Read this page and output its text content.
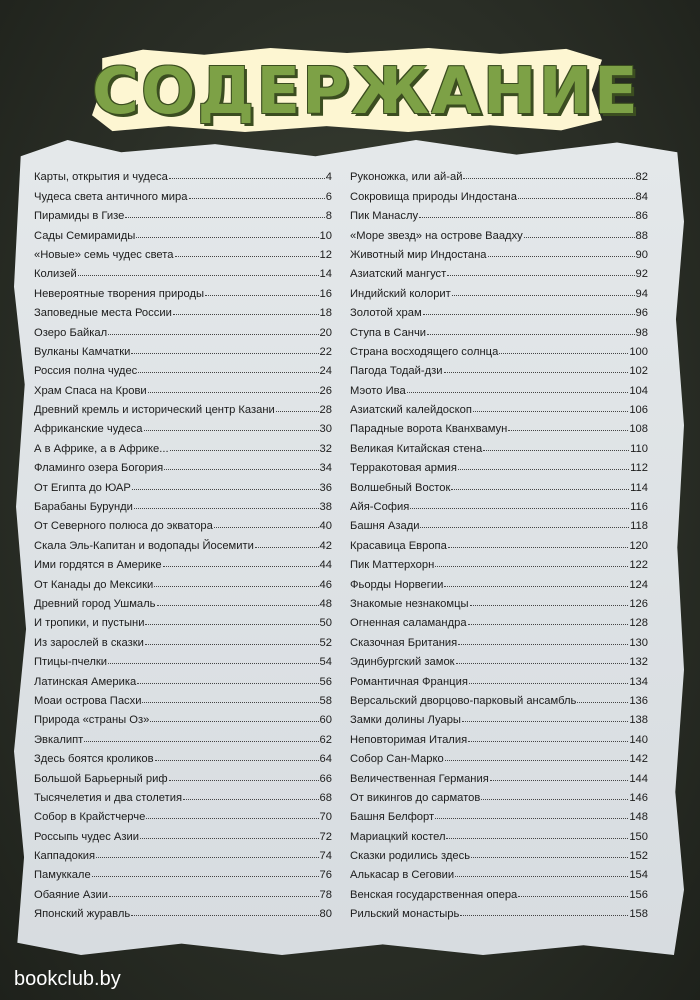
СОДЕРЖАНИЕ
Карты, открытия и чудеса	4
Чудеса света античного мира	6
Пирамиды в Гизе	8
Сады Семирамиды	10
«Новые» семь чудес света	12
Колизей	14
Невероятные творения природы	16
Заповедные места России	18
Озеро Байкал	20
Вулканы Камчатки	22
Россия полна чудес	24
Храм Спаса на Крови	26
Древний кремль и исторический центр Казани	28
Африканские чудеса	30
А в Африке, а в Африке...	32
Фламинго озера Богория	34
От Египта до ЮАР	36
Барабаны Бурунди	38
От Северного полюса до экватора	40
Скала Эль-Капитан и водопады Йосемити	42
Ими гордятся в Америке	44
От Канады до Мексики	46
Древний город Ушмаль	48
И тропики, и пустыни	50
Из зарослей в сказки	52
Птицы-пчелки	54
Латинская Америка	56
Моаи острова Пасхи	58
Природа «страны Оз»	60
Эвкалипт	62
Здесь боятся кроликов	64
Большой Барьерный риф	66
Тысячелетия и два столетия	68
Собор в Крайстчерче	70
Россыпь чудес Азии	72
Каппадокия	74
Памуккале	76
Обаяние Азии	78
Японский журавль	80
Руконожка, или ай-ай	82
Сокровища природы Индостана	84
Пик Манаслу	86
«Море звезд» на острове Ваадху	88
Животный мир Индостана	90
Азиатский мангуст	92
Индийский колорит	94
Золотой храм	96
Ступа в Санчи	98
Страна восходящего солнца	100
Пагода Тодай-дзи	102
Мэото Ива	104
Азиатский калейдоскоп	106
Парадные ворота Кванхвамун	108
Великая Китайская стена	110
Терракотовая армия	112
Волшебный Восток	114
Айя-София	116
Башня Азади	118
Красавица Европа	120
Пик Маттерхорн	122
Фьорды Норвегии	124
Знакомые незнакомцы	126
Огненная саламандра	128
Сказочная Британия	130
Эдинбургский замок	132
Романтичная Франция	134
Версальский дворцово-парковый ансамбль	136
Замки долины Луары	138
Неповторимая Италия	140
Собор Сан-Марко	142
Величественная Германия	144
От викингов до сарматов	146
Башня Белфорт	148
Мариацкий костел	150
Сказки родились здесь	152
Алькасар в Сеговии	154
Венская государственная опера	156
Рильский монастырь	158
bookclub.by
